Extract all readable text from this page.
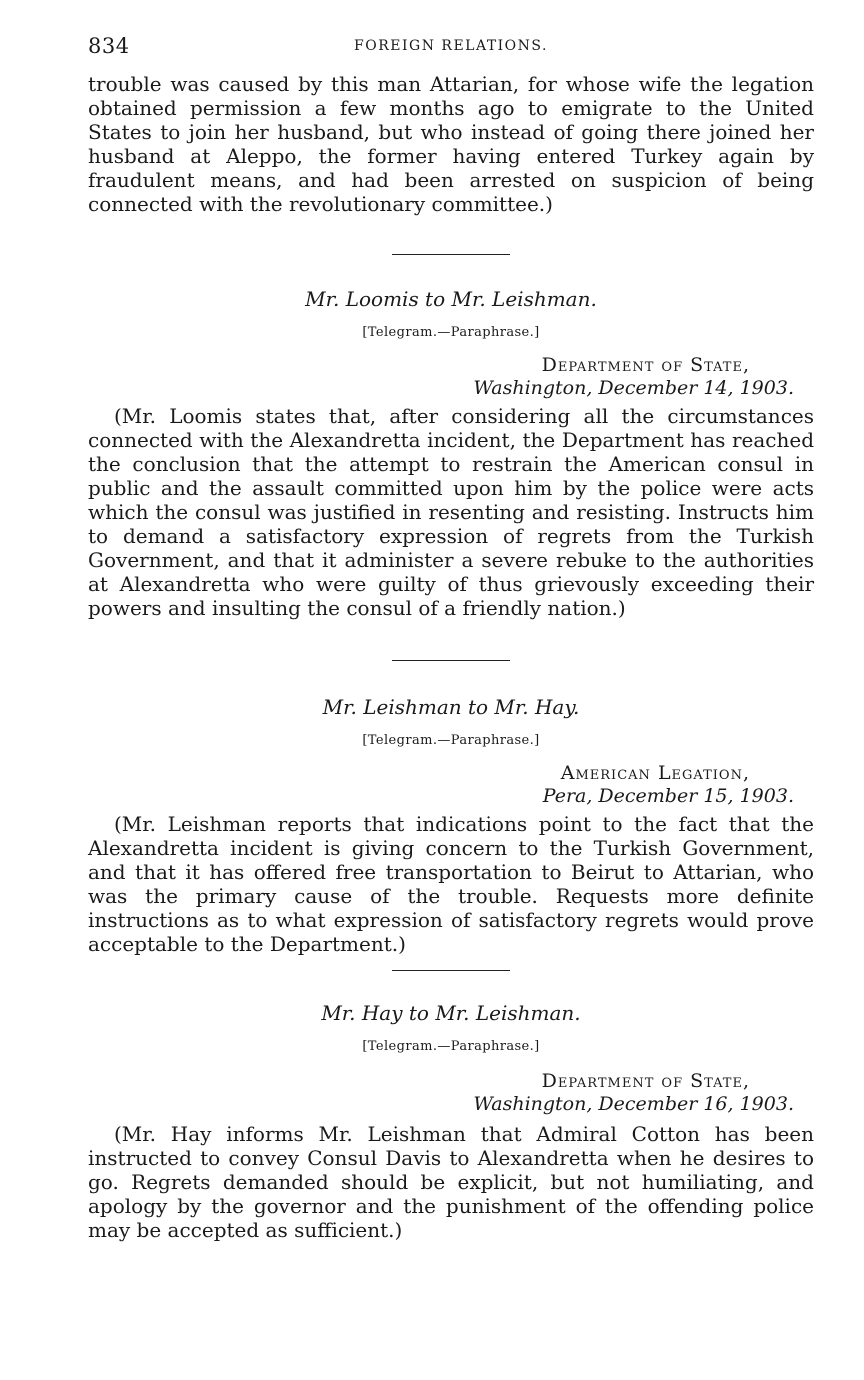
834	FOREIGN RELATIONS.

trouble was caused by this man Attarian, for whose wife the legation obtained permission a few months ago to emigrate to the United States to join her husband, but who instead of going there joined her husband at Aleppo, the former having entered Turkey again by fraudulent means, and had been arrested on suspicion of being connected with the revolutionary committee.)

Mr. Loomis to Mr. Leishman.

[Telegram.—Paraphrase.]

Department of State,
Washington, December 14, 1903.

(Mr. Loomis states that, after considering all the circumstances connected with the Alexandretta incident, the Department has reached the conclusion that the attempt to restrain the American consul in public and the assault committed upon him by the police were acts which the consul was justified in resenting and resisting. Instructs him to demand a satisfactory expression of regrets from the Turkish Government, and that it administer a severe rebuke to the authorities at Alexandretta who were guilty of thus grievously exceeding their powers and insulting the consul of a friendly nation.)

Mr. Leishman to Mr. Hay.

[Telegram.—Paraphrase.]

American Legation,
Pera, December 15, 1903.

(Mr. Leishman reports that indications point to the fact that the Alexandretta incident is giving concern to the Turkish Government, and that it has offered free transportation to Beirut to Attarian, who was the primary cause of the trouble. Requests more definite instructions as to what expression of satisfactory regrets would prove acceptable to the Department.)

Mr. Hay to Mr. Leishman.

[Telegram.—Paraphrase.]

Department of State,
Washington, December 16, 1903.

(Mr. Hay informs Mr. Leishman that Admiral Cotton has been instructed to convey Consul Davis to Alexandretta when he desires to go. Regrets demanded should be explicit, but not humiliating, and apology by the governor and the punishment of the offending police may be accepted as sufficient.)
